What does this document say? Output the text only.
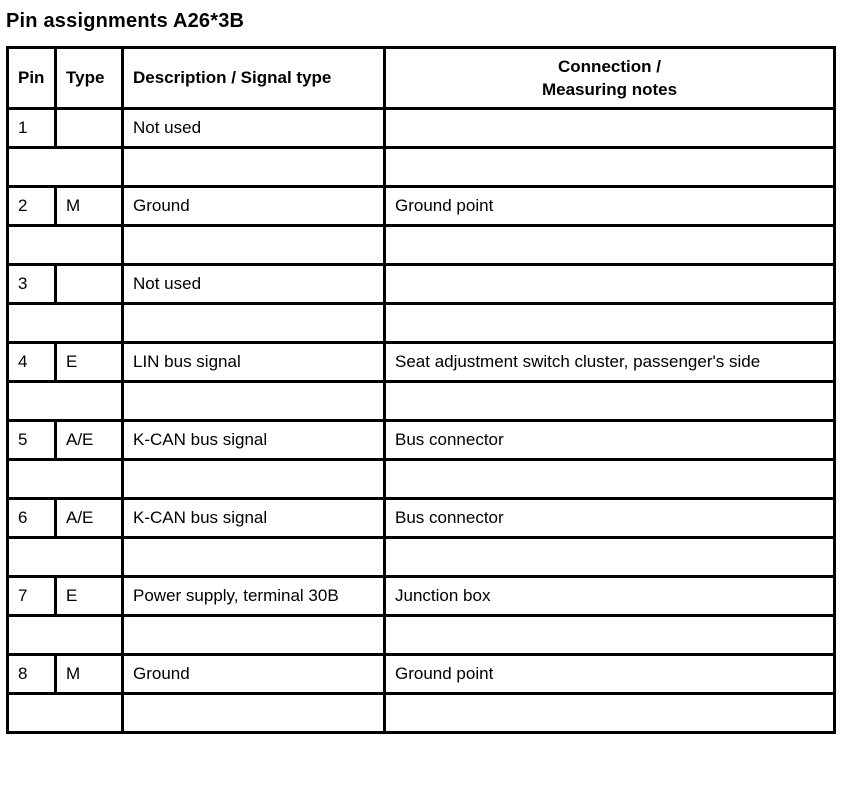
Pin assignments A26*3B
Pin	Type	Description / Signal type	Connection /
Measuring notes
1		Not used	

2	M	Ground	Ground point

3		Not used	

4	E	LIN bus signal	Seat adjustment switch cluster, passenger's side

5	A/E	K-CAN bus signal	Bus connector

6	A/E	K-CAN bus signal	Bus connector

7	E	Power supply, terminal 30B	Junction box

8	M	Ground	Ground point
